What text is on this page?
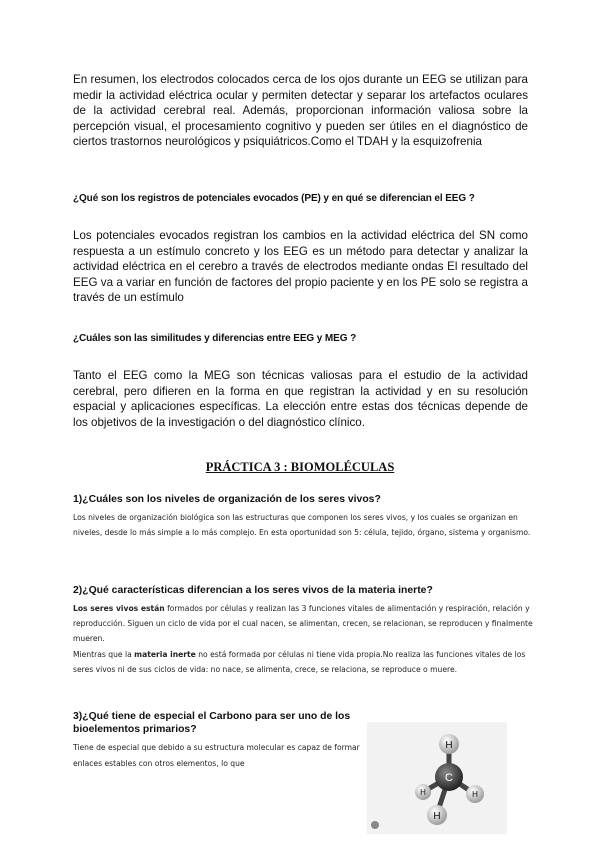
En resumen, los electrodos colocados cerca de los ojos durante un EEG se utilizan para medir la actividad eléctrica ocular y permiten detectar y separar los artefactos oculares de la actividad cerebral real. Además, proporcionan información valiosa sobre la percepción visual, el procesamiento cognitivo y pueden ser útiles en el diagnóstico de ciertos trastornos neurológicos y psiquiátricos.Como el TDAH y la esquizofrenia

¿Qué son los registros de potenciales evocados (PE) y en qué se diferencian el EEG ?

Los potenciales evocados registran los cambios en la actividad eléctrica del SN como respuesta a un estímulo concreto y los EEG es un método para detectar y analizar la actividad eléctrica en el cerebro a través de electrodos mediante ondas El resultado del EEG va a variar en función de factores del propio paciente y en los PE solo se registra a través de un estímulo

¿Cuáles son las similitudes y diferencias entre EEG y MEG ?

Tanto el EEG como la MEG son técnicas valiosas para el estudio de la actividad cerebral, pero difieren en la forma en que registran la actividad y en su resolución espacial y aplicaciones específicas. La elección entre estas dos técnicas depende de los objetivos de la investigación o del diagnóstico clínico.

PRÁCTICA 3 : BIOMOLÉCULAS

1)¿Cuáles son los niveles de organización de los seres vivos?

Los niveles de organización biológica son las estructuras que componen los seres vivos, y los cuales se organizan en niveles, desde lo más simple a lo más complejo. En esta oportunidad son 5: célula, tejido, órgano, sistema y organismo.

2)¿Qué características diferencian a los seres vivos de la materia inerte?

Los seres vivos están formados por células y realizan las 3 funciones vitales de alimentación y respiración, relación y reproducción. Siguen un ciclo de vida por el cual nacen, se alimentan, crecen, se relacionan, se reproducen y finalmente mueren.

Mientras que la materia inerte no está formada por células ni tiene vida propia.No realiza las funciones vitales de los seres vivos ni de sus ciclos de vida: no nace, se alimenta, crece, se relaciona, se reproduce o muere.

3)¿Qué tiene de especial el Carbono para ser uno de los bioelementos primarios?

Tiene de especial que debido a su estructura molecular es capaz de formar enlaces estables con otros elementos, lo que

H
H
C
H
H
